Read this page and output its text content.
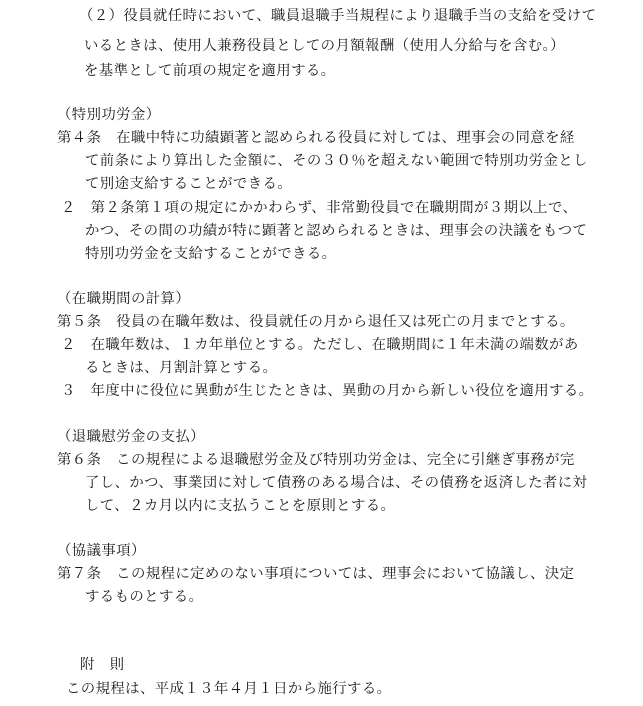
（２）役員就任時において、職員退職手当規程により退職手当の支給を受けて
いるときは、使用人兼務役員としての月額報酬（使用人分給与を含む。）
を基準として前項の規定を適用する。
（特別功労金）
第４条　在職中特に功績顕著と認められる役員に対しては、理事会の同意を経
て前条により算出した金額に、その３０％を超えない範囲で特別功労金とし
て別途支給することができる。
２　第２条第１項の規定にかかわらず、非常勤役員で在職期間が３期以上で、
かつ、その間の功績が特に顕著と認められるときは、理事会の決議をもつて
特別功労金を支給することができる。
（在職期間の計算）
第５条　役員の在職年数は、役員就任の月から退任又は死亡の月までとする。
２　在職年数は、１カ年単位とする。ただし、在職期間に１年未満の端数があ
るときは、月割計算とする。
３　年度中に役位に異動が生じたときは、異動の月から新しい役位を適用する。
（退職慰労金の支払）
第６条　この規程による退職慰労金及び特別功労金は、完全に引継ぎ事務が完
了し、かつ、事業団に対して債務のある場合は、その債務を返済した者に対
して、２カ月以内に支払うことを原則とする。
（協議事項）
第７条　この規程に定めのない事項については、理事会において協議し、決定
するものとする。
附　則
この規程は、平成１３年４月１日から施行する。
